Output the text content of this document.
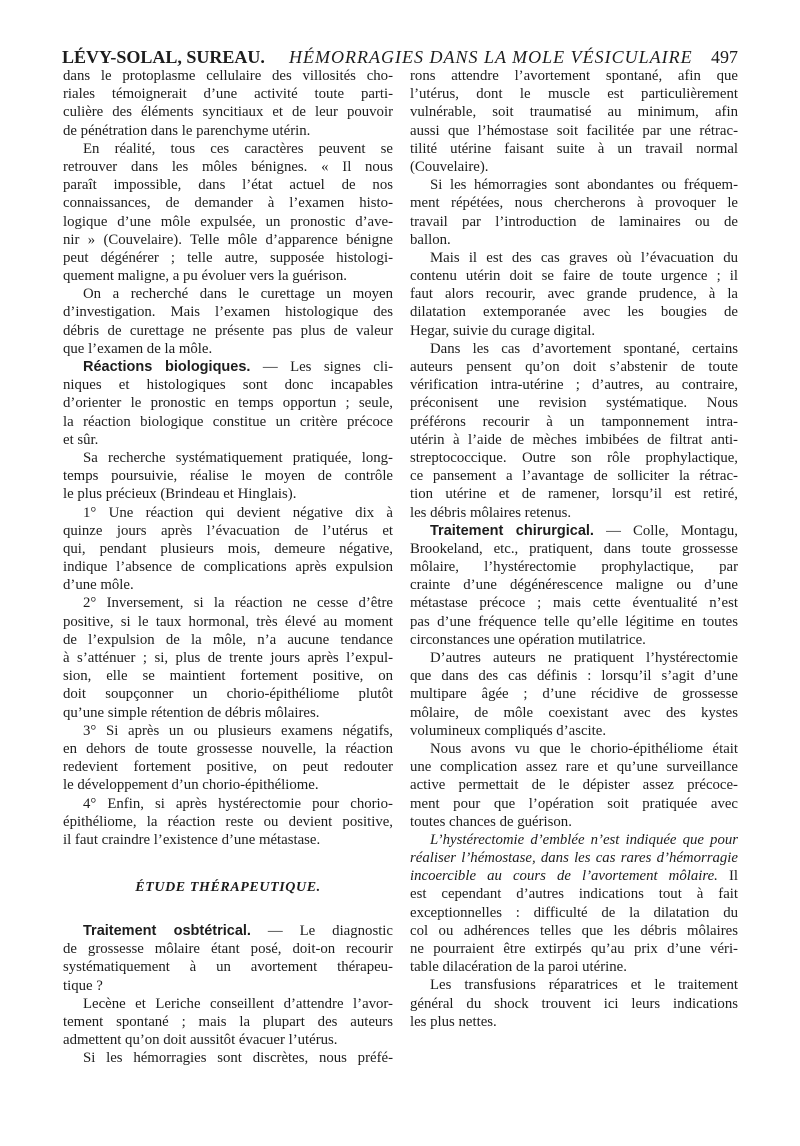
LÉVY-SOLAL, SUREAU. HÉMORRAGIES DANS LA MOLE VÉSICULAIRE 497
dans le protoplasme cellulaire des villosités cho-
riales témoignerait d’une activité toute parti-
culière des éléments syncitiaux et de leur pouvoir
de pénétration dans le parenchyme utérin.
En réalité, tous ces caractères peuvent se
retrouver dans les môles bénignes. « Il nous
paraît impossible, dans l’état actuel de nos
connaissances, de demander à l’examen histo-
logique d’une môle expulsée, un pronostic d’ave-
nir » (Couvelaire). Telle môle d’apparence bénigne
peut dégénérer ; telle autre, supposée histologi-
quement maligne, a pu évoluer vers la guérison.
On a recherché dans le curettage un moyen
d’investigation. Mais l’examen histologique des
débris de curettage ne présente pas plus de valeur
que l’examen de la môle.
Réactions biologiques. — Les signes cli-
niques et histologiques sont donc incapables
d’orienter le pronostic en temps opportun ; seule,
la réaction biologique constitue un critère précoce
et sûr.
Sa recherche systématiquement pratiquée, long-
temps poursuivie, réalise le moyen de contrôle
le plus précieux (Brindeau et Hinglais).
1° Une réaction qui devient négative dix à
quinze jours après l’évacuation de l’utérus et
qui, pendant plusieurs mois, demeure négative,
indique l’absence de complications après expulsion
d’une môle.
2° Inversement, si la réaction ne cesse d’être
positive, si le taux hormonal, très élevé au moment
de l’expulsion de la môle, n’a aucune tendance
à s’atténuer ; si, plus de trente jours après l’expul-
sion, elle se maintient fortement positive, on
doit soupçonner un chorio-épithéliome plutôt
qu’une simple rétention de débris môlaires.
3° Si après un ou plusieurs examens négatifs,
en dehors de toute grossesse nouvelle, la réaction
redevient fortement positive, on peut redouter
le développement d’un chorio-épithéliome.
4° Enfin, si après hystérectomie pour chorio-
épithéliome, la réaction reste ou devient positive,
il faut craindre l’existence d’une métastase.
ÉTUDE THÉRAPEUTIQUE.
Traitement osbtétrical. — Le diagnostic
de grossesse môlaire étant posé, doit-on recourir
systématiquement à un avortement thérapeu-
tique ?
Lecène et Leriche conseillent d’attendre l’avor-
tement spontané ; mais la plupart des auteurs
admettent qu’on doit aussitôt évacuer l’utérus.
Si les hémorragies sont discrètes, nous préfé-
rons attendre l’avortement spontané, afin que
l’utérus, dont le muscle est particulièrement
vulnérable, soit traumatisé au minimum, afin
aussi que l’hémostase soit facilitée par une rétrac-
tilité utérine faisant suite à un travail normal
(Couvelaire).
Si les hémorragies sont abondantes ou fréquem-
ment répétées, nous chercherons à provoquer le
travail par l’introduction de laminaires ou de
ballon.
Mais il est des cas graves où l’évacuation du
contenu utérin doit se faire de toute urgence ; il
faut alors recourir, avec grande prudence, à la
dilatation extemporanée avec les bougies de
Hegar, suivie du curage digital.
Dans les cas d’avortement spontané, certains
auteurs pensent qu’on doit s’abstenir de toute
vérification intra-utérine ; d’autres, au contraire,
préconisent une revision systématique. Nous
préférons recourir à un tamponnement intra-
utérin à l’aide de mèches imbibées de filtrat anti-
streptococcique. Outre son rôle prophylactique,
ce pansement a l’avantage de solliciter la rétrac-
tion utérine et de ramener, lorsqu’il est retiré,
les débris môlaires retenus.
Traitement chirurgical. — Colle, Montagu,
Brookeland, etc., pratiquent, dans toute grossesse
môlaire, l’hystérectomie prophylactique, par
crainte d’une dégénérescence maligne ou d’une
métastase précoce ; mais cette éventualité n’est
pas d’une fréquence telle qu’elle légitime en toutes
circonstances une opération mutilatrice.
D’autres auteurs ne pratiquent l’hystérectomie
que dans des cas définis : lorsqu’il s’agit d’une
multipare âgée ; d’une récidive de grossesse
môlaire, de môle coexistant avec des kystes
volumineux compliqués d’ascite.
Nous avons vu que le chorio-épithéliome était
une complication assez rare et qu’une surveillance
active permettait de le dépister assez précoce-
ment pour que l’opération soit pratiquée avec
toutes chances de guérison.
L’hystérectomie d’emblée n’est indiquée que pour
réaliser l’hémostase, dans les cas rares d’hémorragie
incoercible au cours de l’avortement môlaire. Il
est cependant d’autres indications tout à fait
exceptionnelles : difficulté de la dilatation du
col ou adhérences telles que les débris môlaires
ne pourraient être extirpés qu’au prix d’une véri-
table dilacération de la paroi utérine.
Les transfusions réparatrices et le traitement
général du shock trouvent ici leurs indications
les plus nettes.
